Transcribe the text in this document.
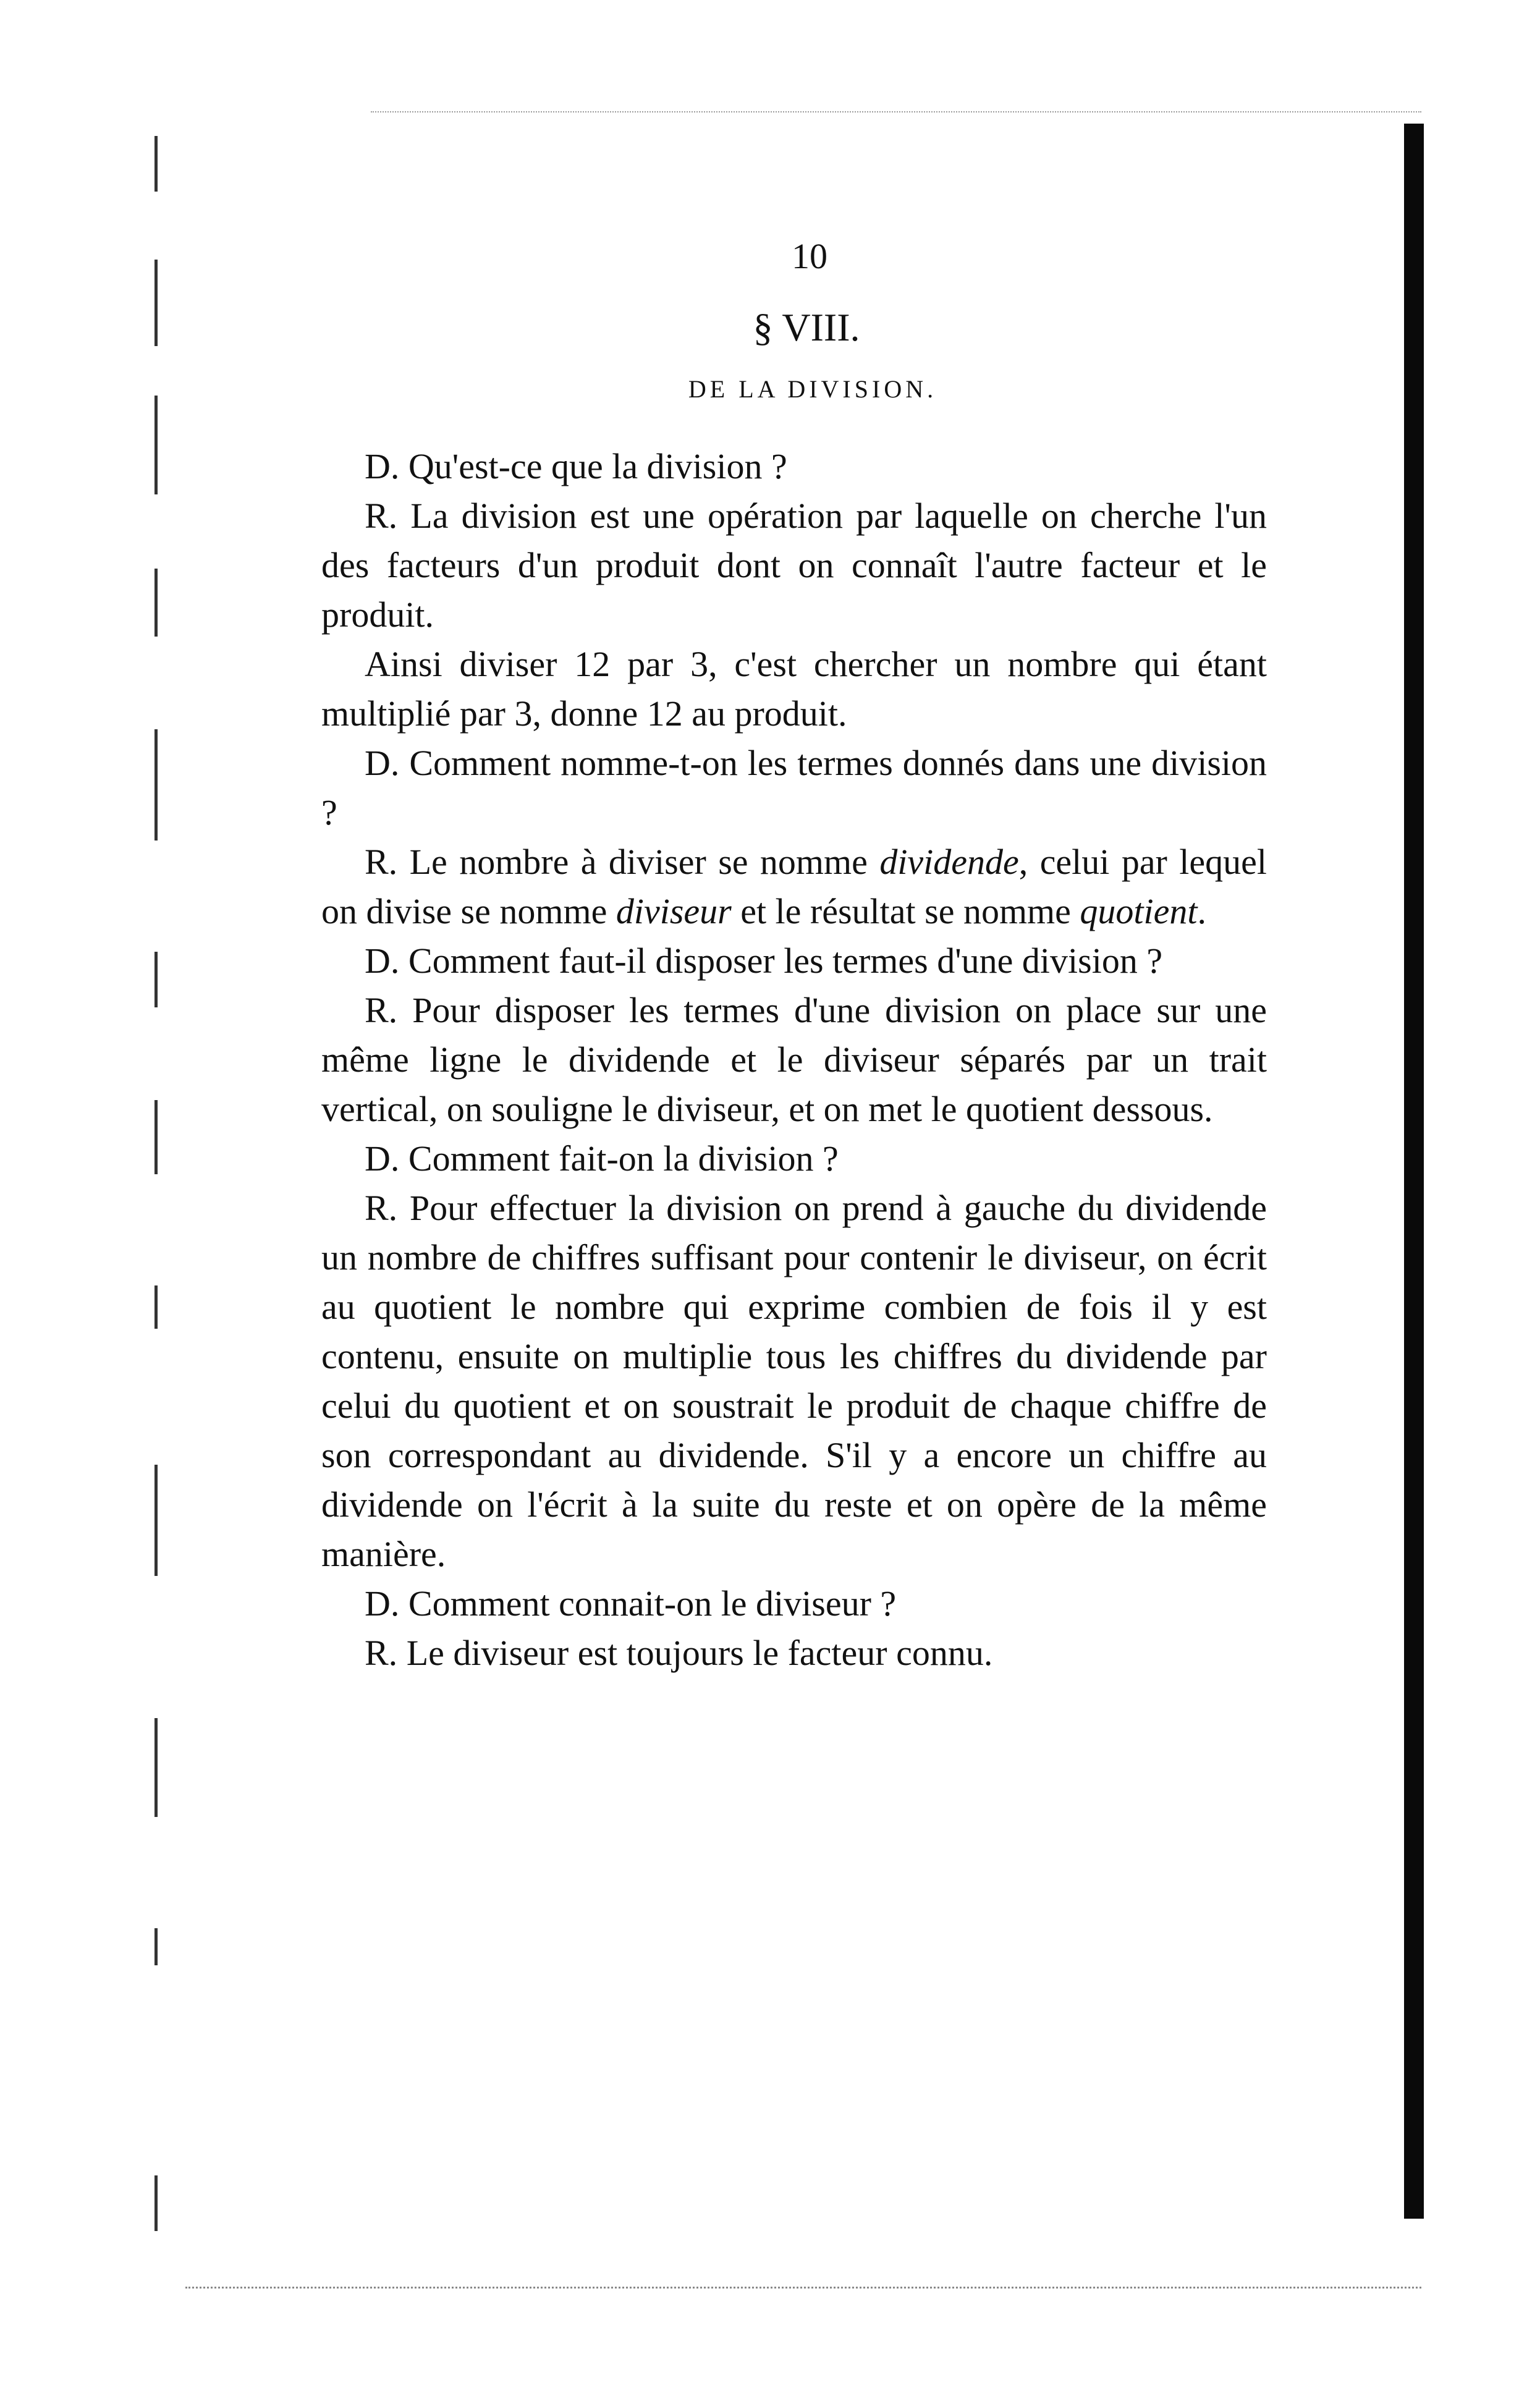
10
§ VIII.
DE LA DIVISION.

D. Qu'est-ce que la division ?

R. La division est une opération par laquelle on cherche l'un des facteurs d'un produit dont on connaît l'autre facteur et le produit.

Ainsi diviser 12 par 3, c'est chercher un nombre qui étant multiplié par 3, donne 12 au produit.

D. Comment nomme-t-on les termes donnés dans une division ?

R. Le nombre à diviser se nomme dividende, celui par lequel on divise se nomme diviseur et le résultat se nomme quotient.

D. Comment faut-il disposer les termes d'une division ?

R. Pour disposer les termes d'une division on place sur une même ligne le dividende et le diviseur séparés par un trait vertical, on souligne le diviseur, et on met le quotient dessous.

D. Comment fait-on la division ?

R. Pour effectuer la division on prend à gauche du dividende un nombre de chiffres suffisant pour contenir le diviseur, on écrit au quotient le nombre qui exprime combien de fois il y est contenu, ensuite on multiplie tous les chiffres du dividende par celui du quotient et on soustrait le produit de chaque chiffre de son correspondant au dividende. S'il y a encore un chiffre au dividende on l'écrit à la suite du reste et on opère de la même manière.

D. Comment connait-on le diviseur ?

R. Le diviseur est toujours le facteur connu.
